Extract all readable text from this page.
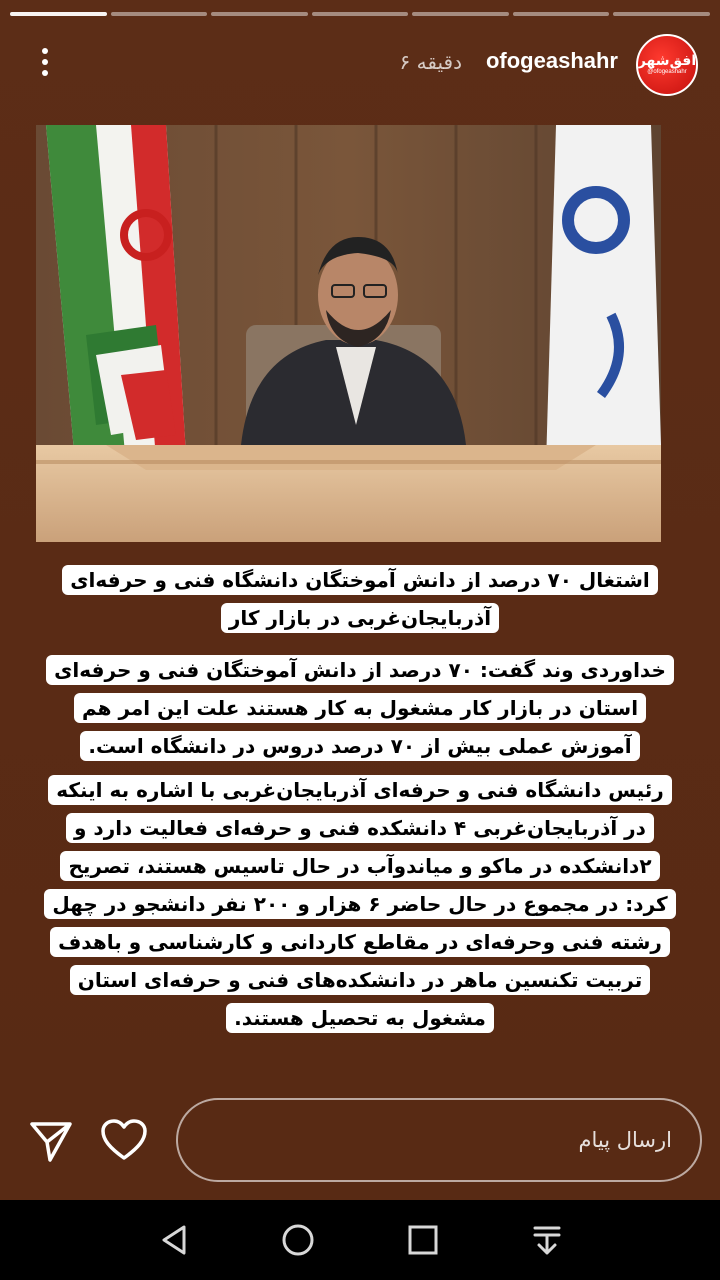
۶ دقیقه ofogeashahr افق‌شهر
@ofogeashahr

اشتغال ۷۰ درصد از دانش آموختگان دانشگاه فنی و حرفه‌ای آذربایجان‌غربی در بازار کار

خداوردی وند گفت: ۷۰ درصد از دانش آموختگان فنی و حرفه‌ای استان در بازار کار مشغول به کار هستند علت این امر هم آموزش عملی بیش از ۷۰ درصد دروس در دانشگاه است.

رئیس دانشگاه فنی و حرفه‌ای آذربایجان‌غربی با اشاره به اینکه در آذربایجان‌غربی ۴ دانشکده فنی و حرفه‌ای فعالیت دارد و ۲دانشکده در ماکو و میاندوآب در حال تاسیس هستند، تصریح کرد: در مجموع در حال حاضر ۶ هزار و ۲۰۰ نفر دانشجو در چهل رشته فنی وحرفه‌ای در مقاطع کاردانی و کارشناسی و باهدف تربیت تکنسین ماهر در دانشکده‌های فنی و حرفه‌ای استان مشغول به تحصیل هستند.

ارسال پیام
